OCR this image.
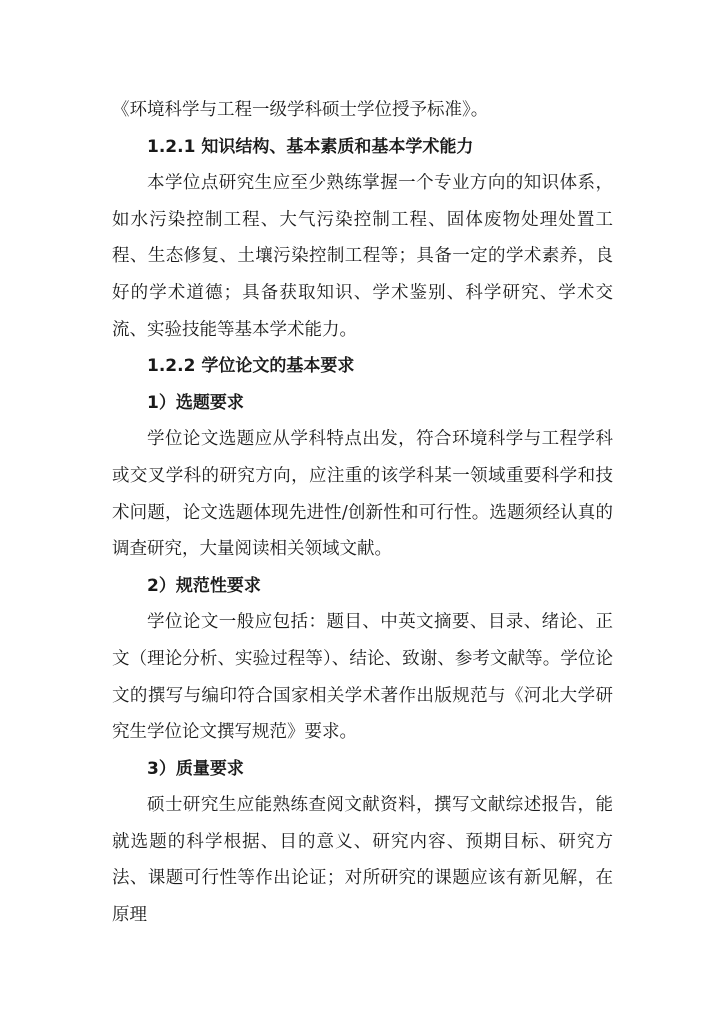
《环境科学与工程一级学科硕士学位授予标准》。

1.2.1 知识结构、基本素质和基本学术能力

本学位点研究生应至少熟练掌握一个专业方向的知识体系，如水污染控制工程、大气污染控制工程、固体废物处理处置工程、生态修复、土壤污染控制工程等；具备一定的学术素养，良好的学术道德；具备获取知识、学术鉴别、科学研究、学术交流、实验技能等基本学术能力。

1.2.2 学位论文的基本要求

1）选题要求

学位论文选题应从学科特点出发，符合环境科学与工程学科或交叉学科的研究方向，应注重的该学科某一领域重要科学和技术问题，论文选题体现先进性/创新性和可行性。选题须经认真的调查研究，大量阅读相关领域文献。

2）规范性要求

学位论文一般应包括：题目、中英文摘要、目录、绪论、正文（理论分析、实验过程等）、结论、致谢、参考文献等。学位论文的撰写与编印符合国家相关学术著作出版规范与《河北大学研究生学位论文撰写规范》要求。

3）质量要求

硕士研究生应能熟练查阅文献资料，撰写文献综述报告，能就选题的科学根据、目的意义、研究内容、预期目标、研究方法、课题可行性等作出论证；对所研究的课题应该有新见解，在原理
